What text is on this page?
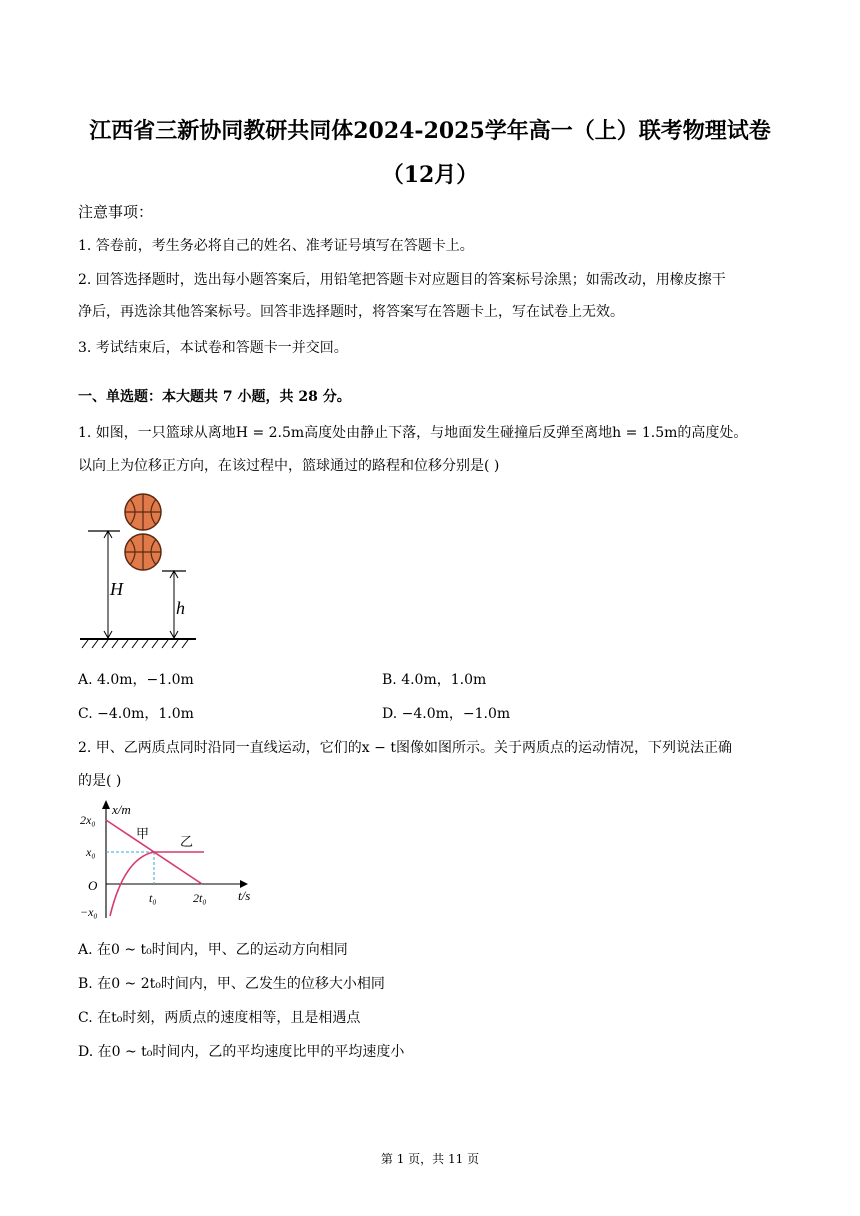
江西省三新协同教研共同体2024-2025学年高一（上）联考物理试卷
（12月）
注意事项：
1. 答卷前，考生务必将自己的姓名、准考证号填写在答题卡上。
2. 回答选择题时，选出每小题答案后，用铅笔把答题卡对应题目的答案标号涂黑；如需改动，用橡皮擦干
净后，再选涂其他答案标号。回答非选择题时，将答案写在答题卡上，写在试卷上无效。
3. 考试结束后，本试卷和答题卡一并交回。
一、单选题：本大题共 7 小题，共 28 分。
1. 如图，一只篮球从离地H = 2.5m高度处由静止下落，与地面发生碰撞后反弹至离地h = 1.5m的高度处。
以向上为位移正方向，在该过程中，篮球通过的路程和位移分别是( )
H
h
A. 4.0m，−1.0m	B. 4.0m，1.0m
C. −4.0m，1.0m	D. −4.0m，−1.0m
2. 甲、乙两质点同时沿同一直线运动，它们的x − t图像如图所示。关于两质点的运动情况，下列说法正确
的是( )
x/m
t/s
O
2x₀
x₀
−x₀
t₀	2t₀
甲
乙
A. 在0 ~ t₀时间内，甲、乙的运动方向相同
B. 在0 ~ 2t₀时间内，甲、乙发生的位移大小相同
C. 在t₀时刻，两质点的速度相等，且是相遇点
D. 在0 ~ t₀时间内，乙的平均速度比甲的平均速度小
第 1 页，共 11 页
